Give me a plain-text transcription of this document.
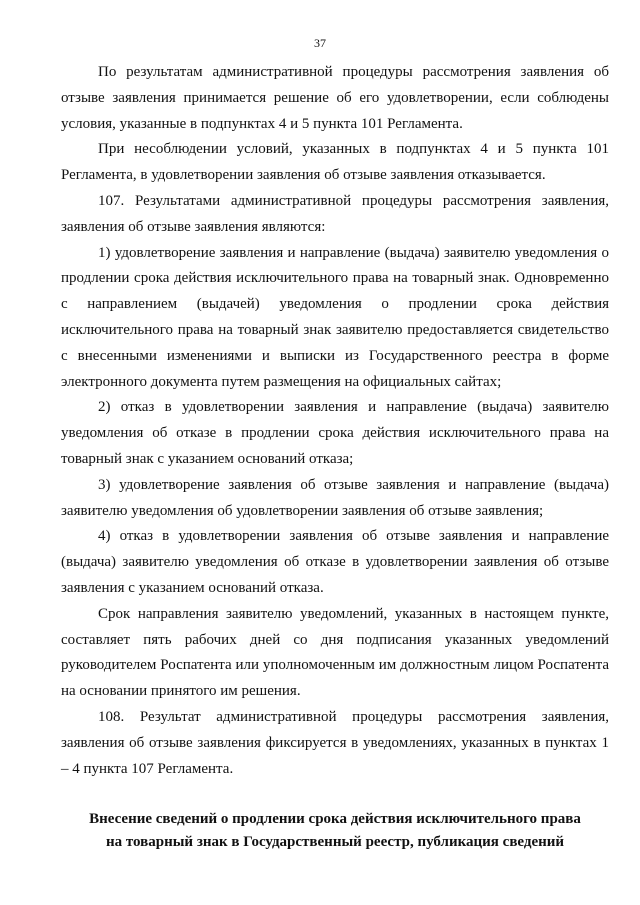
37

По результатам административной процедуры рассмотрения заявления об отзыве заявления принимается решение об его удовлетворении, если соблюдены условия, указанные в подпунктах 4 и 5 пункта 101 Регламента.

При несоблюдении условий, указанных в подпунктах 4 и 5 пункта 101 Регламента, в удовлетворении заявления об отзыве заявления отказывается.

107. Результатами административной процедуры рассмотрения заявления, заявления об отзыве заявления являются:

1) удовлетворение заявления и направление (выдача) заявителю уведомления о продлении срока действия исключительного права на товарный знак. Одновременно с направлением (выдачей) уведомления о продлении срока действия исключительного права на товарный знак заявителю предоставляется свидетельство с внесенными изменениями и выписки из Государственного реестра в форме электронного документа путем размещения на официальных сайтах;

2) отказ в удовлетворении заявления и направление (выдача) заявителю уведомления об отказе в продлении срока действия исключительного права на товарный знак с указанием оснований отказа;

3) удовлетворение заявления об отзыве заявления и направление (выдача) заявителю уведомления об удовлетворении заявления об отзыве заявления;

4) отказ в удовлетворении заявления об отзыве заявления и направление (выдача) заявителю уведомления об отказе в удовлетворении заявления об отзыве заявления с указанием оснований отказа.

Срок направления заявителю уведомлений, указанных в настоящем пункте, составляет пять рабочих дней со дня подписания указанных уведомлений руководителем Роспатента или уполномоченным им должностным лицом Роспатента на основании принятого им решения.

108. Результат административной процедуры рассмотрения заявления, заявления об отзыве заявления фиксируется в уведомлениях, указанных в пунктах 1 – 4 пункта 107 Регламента.

Внесение сведений о продлении срока действия исключительного права
на товарный знак в Государственный реестр, публикация сведений
